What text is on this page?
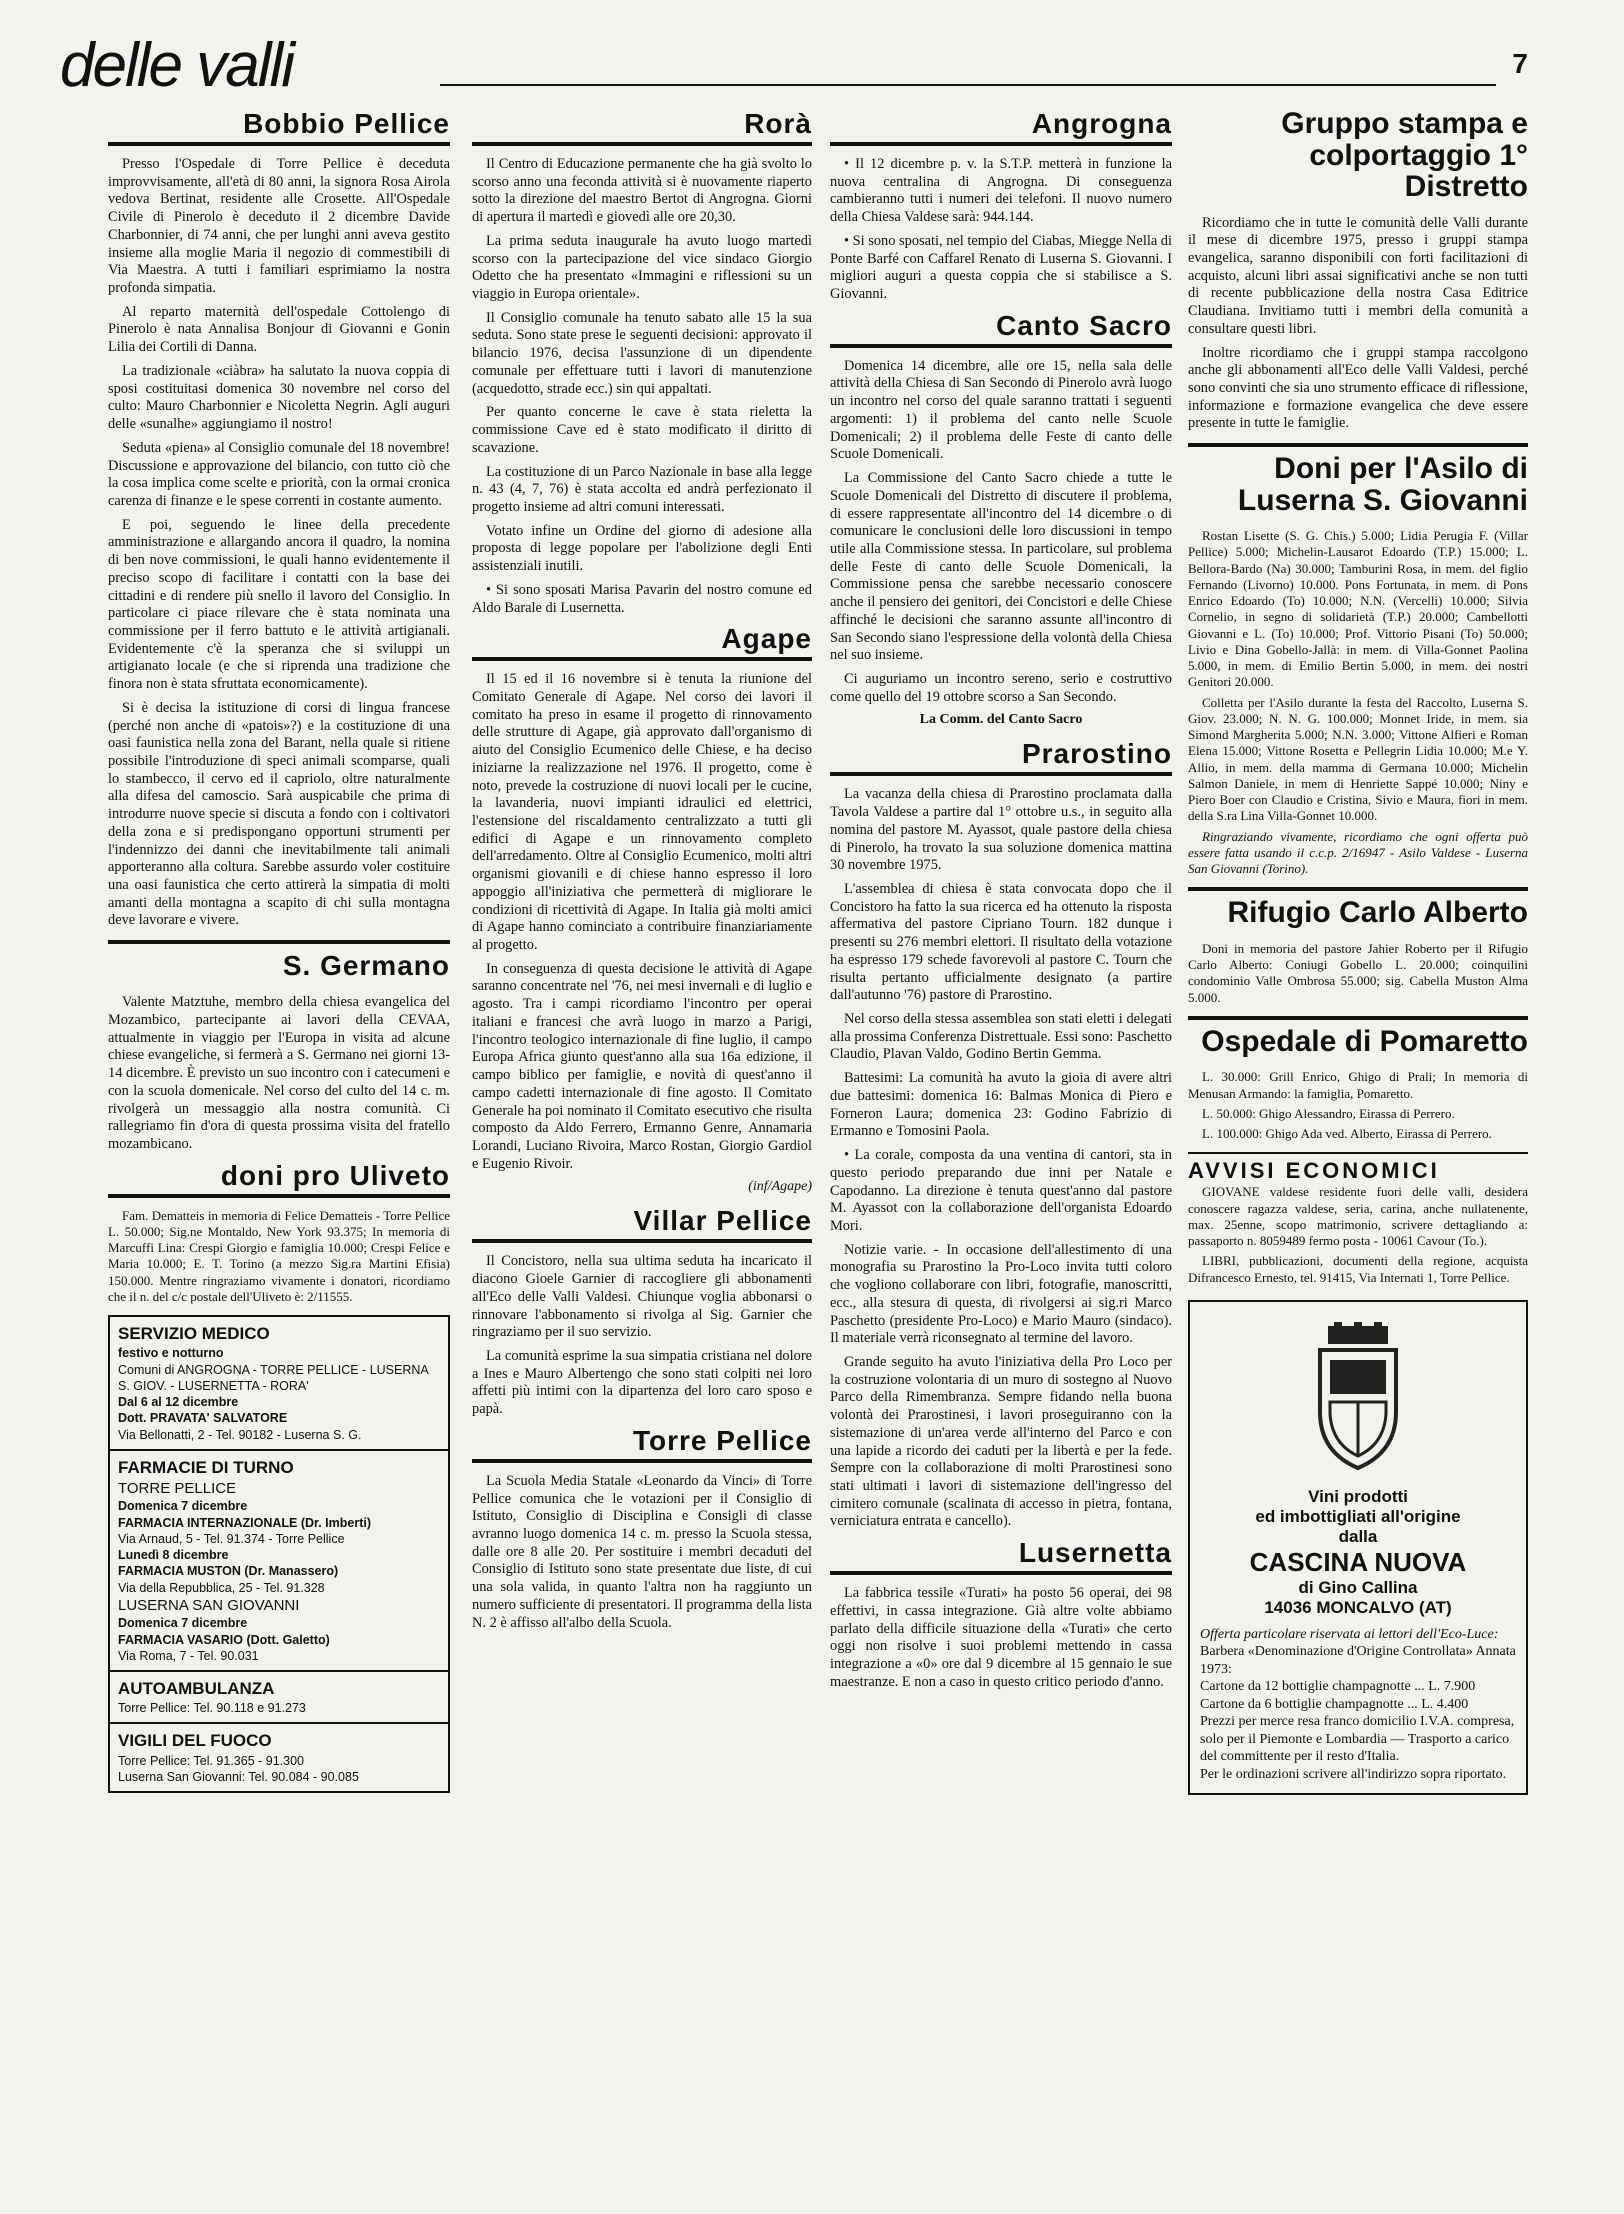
delle valli	7
Bobbio Pellice

Presso l'Ospedale di Torre Pellice è deceduta improvvisamente, all'età di 80 anni, la signora Rosa Airola vedova Bertinat, residente alle Crosette. All'Ospedale Civile di Pinerolo è deceduto il 2 dicembre Davide Charbonnier, di 74 anni, che per lunghi anni aveva gestito insieme alla moglie Maria il negozio di commestibili di Via Maestra. A tutti i familiari esprimiamo la nostra profonda simpatia.

Al reparto maternità dell'ospedale Cottolengo di Pinerolo è nata Annalisa Bonjour di Giovanni e Gonin Lilia dei Cortili di Danna.

La tradizionale «ciàbra» ha salutato la nuova coppia di sposi costituitasi domenica 30 novembre nel corso del culto: Mauro Charbonnier e Nicoletta Negrin. Agli auguri delle «sunalhe» aggiungiamo il nostro!

Seduta «piena» al Consiglio comunale del 18 novembre! Discussione e approvazione del bilancio, con tutto ciò che la cosa implica come scelte e priorità, con la ormai cronica carenza di finanze e le spese correnti in costante aumento.

E poi, seguendo le linee della precedente amministrazione e allargando ancora il quadro, la nomina di ben nove commissioni, le quali hanno evidentemente il preciso scopo di facilitare i contatti con la base dei cittadini e di rendere più snello il lavoro del Consiglio. In particolare ci piace rilevare che è stata nominata una commissione per il ferro battuto e le attività artigianali. Evidentemente c'è la speranza che si sviluppi un artigianato locale (e che si riprenda una tradizione che finora non è stata sfruttata economicamente).

Si è decisa la istituzione di corsi di lingua francese (perché non anche di «patois»?) e la costituzione di una oasi faunistica nella zona del Barant, nella quale si ritiene possibile l'introduzione di speci animali scomparse, quali lo stambecco, il cervo ed il capriolo, oltre naturalmente alla difesa del camoscio. Sarà auspicabile che prima di introdurre nuove specie si discuta a fondo con i coltivatori della zona e si predispongano opportuni strumenti per l'indennizzo dei danni che inevitabilmente tali animali apporteranno alla coltura. Sarebbe assurdo voler costituire una oasi faunistica che certo attirerà la simpatia di molti amanti della montagna a scapito di chi sulla montagna deve lavorare e vivere.

S. Germano

Valente Matztuhe, membro della chiesa evangelica del Mozambico, partecipante ai lavori della CEVAA, attualmente in viaggio per l'Europa in visita ad alcune chiese evangeliche, si fermerà a S. Germano nei giorni 13-14 dicembre. È previsto un suo incontro con i catecumeni e con la scuola domenicale. Nel corso del culto del 14 c. m. rivolgerà un messaggio alla nostra comunità. Ci rallegriamo fin d'ora di questa prossima visita del fratello mozambicano.

doni pro Uliveto

Fam. Dematteis in memoria di Felice Dematteis - Torre Pellice L. 50.000; Sig.ne Montaldo, New York 93.375; In memoria di Marcuffi Lina: Crespi Giorgio e famiglia 10.000; Crespi Felice e Maria 10.000; E. T. Torino (a mezzo Sig.ra Martini Efisia) 150.000. Mentre ringraziamo vivamente i donatori, ricordiamo che il n. del c/c postale dell'Uliveto è: 2/11555.

SERVIZIO MEDICO
festivo e notturno
Comuni di ANGROGNA - TORRE PELLICE - LUSERNA S. GIOV. - LUSERNETTA - RORA'
Dal 6 al 12 dicembre
Dott. PRAVATA' SALVATORE
Via Bellonatti, 2 - Tel. 90182 - Luserna S. G.
FARMACIE DI TURNO
TORRE PELLICE
Domenica 7 dicembre
FARMACIA INTERNAZIONALE (Dr. Imberti)
Via Arnaud, 5 - Tel. 91.374 - Torre Pellice
Lunedì 8 dicembre
FARMACIA MUSTON (Dr. Manassero)
Via della Repubblica, 25 - Tel. 91.328
LUSERNA SAN GIOVANNI
Domenica 7 dicembre
FARMACIA VASARIO (Dott. Galetto)
Via Roma, 7 - Tel. 90.031
AUTOAMBULANZA
Torre Pellice: Tel. 90.118 e 91.273
VIGILI DEL FUOCO
Torre Pellice: Tel. 91.365 - 91.300
Luserna San Giovanni: Tel. 90.084 - 90.085
Rorà

Il Centro di Educazione permanente che ha già svolto lo scorso anno una feconda attività si è nuovamente riaperto sotto la direzione del maestro Bertot di Angrogna. Giorni di apertura il martedì e giovedì alle ore 20,30.

La prima seduta inaugurale ha avuto luogo martedì scorso con la partecipazione del vice sindaco Giorgio Odetto che ha presentato «Immagini e riflessioni su un viaggio in Europa orientale».

Il Consiglio comunale ha tenuto sabato alle 15 la sua seduta. Sono state prese le seguenti decisioni: approvato il bilancio 1976, decisa l'assunzione di un dipendente comunale per effettuare tutti i lavori di manutenzione (acquedotto, strade ecc.) sin qui appaltati.

Per quanto concerne le cave è stata rieletta la commissione Cave ed è stato modificato il diritto di scavazione.

La costituzione di un Parco Nazionale in base alla legge n. 43 (4, 7, 76) è stata accolta ed andrà perfezionato il progetto insieme ad altri comuni interessati.

Votato infine un Ordine del giorno di adesione alla proposta di legge popolare per l'abolizione degli Enti assistenziali inutili.

• Si sono sposati Marisa Pavarin del nostro comune ed Aldo Barale di Lusernetta.

Agape

Il 15 ed il 16 novembre si è tenuta la riunione del Comitato Generale di Agape. Nel corso dei lavori il comitato ha preso in esame il progetto di rinnovamento delle strutture di Agape, già approvato dall'organismo di aiuto del Consiglio Ecumenico delle Chiese, e ha deciso iniziarne la realizzazione nel 1976. Il progetto, come è noto, prevede la costruzione di nuovi locali per le cucine, la lavanderia, nuovi impianti idraulici ed elettrici, l'estensione del riscaldamento centralizzato a tutti gli edifici di Agape e un rinnovamento completo dell'arredamento. Oltre al Consiglio Ecumenico, molti altri organismi giovanili e di chiese hanno espresso il loro appoggio all'iniziativa che permetterà di migliorare le condizioni di ricettività di Agape. In Italia già molti amici di Agape hanno cominciato a contribuire finanziariamente al progetto.

In conseguenza di questa decisione le attività di Agape saranno concentrate nel '76, nei mesi invernali e di luglio e agosto. Tra i campi ricordiamo l'incontro per operai italiani e francesi che avrà luogo in marzo a Parigi, l'incontro teologico internazionale di fine luglio, il campo Europa Africa giunto quest'anno alla sua 16a edizione, il campo biblico per famiglie, e novità di quest'anno il campo cadetti internazionale di fine agosto. Il Comitato Generale ha poi nominato il Comitato esecutivo che risulta composto da Aldo Ferrero, Ermanno Genre, Annamaria Lorandi, Luciano Rivoira, Marco Rostan, Giorgio Gardiol e Eugenio Rivoir.

(inf/Agape)
Villar Pellice

Il Concistoro, nella sua ultima seduta ha incaricato il diacono Gioele Garnier di raccogliere gli abbonamenti all'Eco delle Valli Valdesi. Chiunque voglia abbonarsi o rinnovare l'abbonamento si rivolga al Sig. Garnier che ringraziamo per il suo servizio.

La comunità esprime la sua simpatia cristiana nel dolore a Ines e Mauro Albertengo che sono stati colpiti nei loro affetti più intimi con la dipartenza del loro caro sposo e papà.

Torre Pellice

La Scuola Media Statale «Leonardo da Vinci» di Torre Pellice comunica che le votazioni per il Consiglio di Istituto, Consiglio di Disciplina e Consigli di classe avranno luogo domenica 14 c. m. presso la Scuola stessa, dalle ore 8 alle 20. Per sostituire i membri decaduti del Consiglio di Istituto sono state presentate due liste, di cui una sola valida, in quanto l'altra non ha raggiunto un numero sufficiente di presentatori. Il programma della lista N. 2 è affisso all'albo della Scuola.

Angrogna

• Il 12 dicembre p. v. la S.T.P. metterà in funzione la nuova centralina di Angrogna. Di conseguenza cambieranno tutti i numeri dei telefoni. Il nuovo numero della Chiesa Valdese sarà: 944.144.

• Si sono sposati, nel tempio del Ciabas, Miegge Nella di Ponte Barfé con Caffarel Renato di Luserna S. Giovanni. I migliori auguri a questa coppia che si stabilisce a S. Giovanni.

Canto Sacro

Domenica 14 dicembre, alle ore 15, nella sala delle attività della Chiesa di San Secondo di Pinerolo avrà luogo un incontro nel corso del quale saranno trattati i seguenti argomenti: 1) il problema del canto nelle Scuole Domenicali; 2) il problema delle Feste di canto delle Scuole Domenicali.

La Commissione del Canto Sacro chiede a tutte le Scuole Domenicali del Distretto di discutere il problema, di essere rappresentate all'incontro del 14 dicembre o di comunicare le conclusioni delle loro discussioni in tempo utile alla Commissione stessa. In particolare, sul problema delle Feste di canto delle Scuole Domenicali, la Commissione pensa che sarebbe necessario conoscere anche il pensiero dei genitori, dei Concistori e delle Chiese affinché le decisioni che saranno assunte all'incontro di San Secondo siano l'espressione della volontà della Chiesa nel suo insieme.

Ci auguriamo un incontro sereno, serio e costruttivo come quello del 19 ottobre scorso a San Secondo.

La Comm. del Canto Sacro
Prarostino

La vacanza della chiesa di Prarostino proclamata dalla Tavola Valdese a partire dal 1° ottobre u.s., in seguito alla nomina del pastore M. Ayassot, quale pastore della chiesa di Pinerolo, ha trovato la sua soluzione domenica mattina 30 novembre 1975.

L'assemblea di chiesa è stata convocata dopo che il Concistoro ha fatto la sua ricerca ed ha ottenuto la risposta affermativa del pastore Cipriano Tourn. 182 dunque i presenti su 276 membri elettori. Il risultato della votazione ha espresso 179 schede favorevoli al pastore C. Tourn che risulta pertanto ufficialmente designato (a partire dall'autunno '76) pastore di Prarostino.

Nel corso della stessa assemblea son stati eletti i delegati alla prossima Conferenza Distrettuale. Essi sono: Paschetto Claudio, Plavan Valdo, Godino Bertin Gemma.

Battesimi: La comunità ha avuto la gioia di avere altri due battesimi: domenica 16: Balmas Monica di Piero e Forneron Laura; domenica 23: Godino Fabrizio di Ermanno e Tomosini Paola.

• La corale, composta da una ventina di cantori, sta in questo periodo preparando due inni per Natale e Capodanno. La direzione è tenuta quest'anno dal pastore M. Ayassot con la collaborazione dell'organista Edoardo Mori.

Notizie varie. - In occasione dell'allestimento di una monografia su Prarostino la Pro-Loco invita tutti coloro che vogliono collaborare con libri, fotografie, manoscritti, ecc., alla stesura di questa, di rivolgersi ai sig.ri Marco Paschetto (presidente Pro-Loco) e Mario Mauro (sindaco). Il materiale verrà riconsegnato al termine del lavoro.

Grande seguito ha avuto l'iniziativa della Pro Loco per la costruzione volontaria di un muro di sostegno al Nuovo Parco della Rimembranza. Sempre fidando nella buona volontà dei Prarostinesi, i lavori proseguiranno con la sistemazione di un'area verde all'interno del Parco e con una lapide a ricordo dei caduti per la libertà e per la fede. Sempre con la collaborazione di molti Prarostinesi sono stati ultimati i lavori di sistemazione dell'ingresso del cimitero comunale (scalinata di accesso in pietra, fontana, verniciatura entrata e cancello).

Lusernetta

La fabbrica tessile «Turati» ha posto 56 operai, dei 98 effettivi, in cassa integrazione. Già altre volte abbiamo parlato della difficile situazione della «Turati» che certo oggi non risolve i suoi problemi mettendo in cassa integrazione a «0» ore dal 9 dicembre al 15 gennaio le sue maestranze. E non a caso in questo critico periodo d'anno.

Gruppo stampa e colportaggio 1° Distretto

Ricordiamo che in tutte le comunità delle Valli durante il mese di dicembre 1975, presso i gruppi stampa evangelica, saranno disponibili con forti facilitazioni di acquisto, alcuni libri assai significativi anche se non tutti di recente pubblicazione della nostra Casa Editrice Claudiana. Invitiamo tutti i membri della comunità a consultare questi libri.

Inoltre ricordiamo che i gruppi stampa raccolgono anche gli abbonamenti all'Eco delle Valli Valdesi, perché sono convinti che sia uno strumento efficace di riflessione, informazione e formazione evangelica che deve essere presente in tutte le famiglie.

Doni per l'Asilo di Luserna S. Giovanni

Rostan Lisette (S. G. Chis.) 5.000; Lidia Perugia F. (Villar Pellice) 5.000; Michelin-Lausarot Edoardo (T.P.) 15.000; L. Bellora-Bardo (Na) 30.000; Tamburini Rosa, in mem. del figlio Fernando (Livorno) 10.000. Pons Fortunata, in mem. di Pons Enrico Edoardo (To) 10.000; N.N. (Vercelli) 10.000; Silvia Cornelio, in segno di solidarietà (T.P.) 20.000; Cambellotti Giovanni e L. (To) 10.000; Prof. Vittorio Pisani (To) 50.000; Livio e Dina Gobello-Jallà: in mem. di Villa-Gonnet Paolina 5.000, in mem. di Emilio Bertin 5.000, in mem. dei nostri Genitori 20.000.

Colletta per l'Asilo durante la festa del Raccolto, Luserna S. Giov. 23.000; N. N. G. 100.000; Monnet Iride, in mem. sia Simond Margherita 5.000; N.N. 3.000; Vittone Alfieri e Roman Elena 15.000; Vittone Rosetta e Pellegrin Lidia 10.000; M.e Y. Allio, in mem. della mamma di Germana 10.000; Michelin Salmon Daniele, in mem di Henriette Sappé 10.000; Niny e Piero Boer con Claudio e Cristina, Sivio e Maura, fiori in mem. della S.ra Lina Villa-Gonnet 10.000.

Ringraziando vivamente, ricordiamo che ogni offerta può essere fatta usando il c.c.p. 2/16947 - Asilo Valdese - Luserna San Giovanni (Torino).

Rifugio Carlo Alberto

Doni in memoria del pastore Jahier Roberto per il Rifugio Carlo Alberto: Coniugi Gobello L. 20.000; coinquilini condominio Valle Ombrosa 55.000; sig. Cabella Muston Alma 5.000.

Ospedale di Pomaretto

L. 30.000: Grill Enrico, Ghigo di Prali; In memoria di Menusan Armando: la famiglia, Pomaretto.

L. 50.000: Ghigo Alessandro, Eirassa di Perrero.

L. 100.000: Ghigo Ada ved. Alberto, Eirassa di Perrero.

AVVISI ECONOMICI

GIOVANE valdese residente fuori delle valli, desidera conoscere ragazza valdese, seria, carina, anche nullatenente, max. 25enne, scopo matrimonio, scrivere dettagliando a: passaporto n. 8059489 fermo posta - 10061 Cavour (To.).

LIBRI, pubblicazioni, documenti della regione, acquista Difrancesco Ernesto, tel. 91415, Via Internati 1, Torre Pellice.

Vini prodotti
ed imbottigliati all'origine
dalla
CASCINA NUOVA
di Gino Callina
14036 MONCALVO (AT)
Offerta particolare riservata ai lettori dell'Eco-Luce:
Barbera «Denominazione d'Origine Controllata» Annata 1973:
Cartone da 12 bottiglie champagnotte ... L. 7.900
Cartone da 6 bottiglie champagnotte ... L. 4.400
Prezzi per merce resa franco domicilio I.V.A. compresa, solo per il Piemonte e Lombardia — Trasporto a carico del committente per il resto d'Italia.
Per le ordinazioni scrivere all'indirizzo sopra riportato.
